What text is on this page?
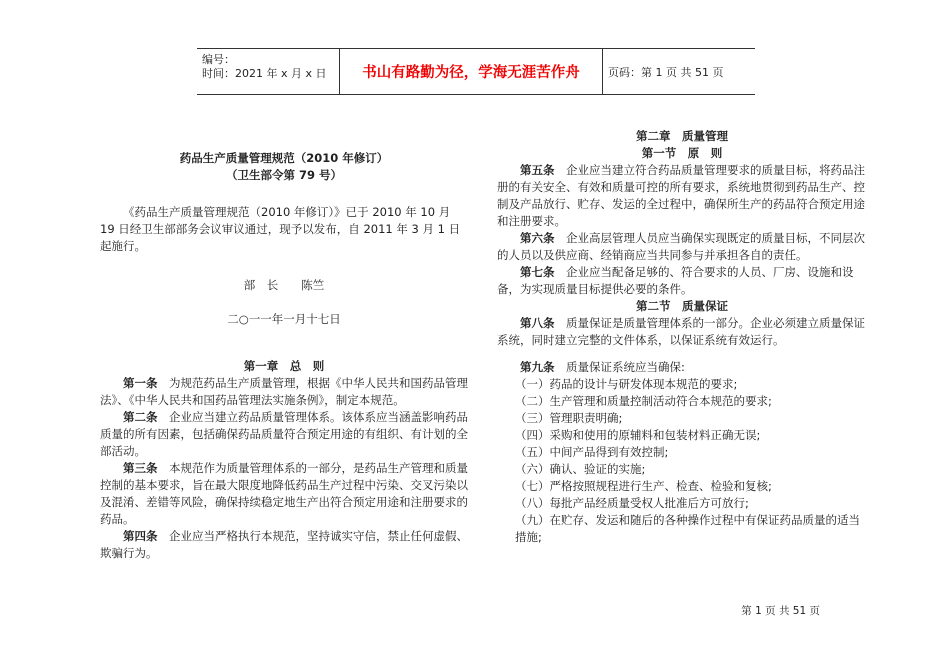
编号：
时间：2021 年 x 月 x 日	书山有路勤为径，学海无涯苦作舟	页码：第 1 页 共 51 页

药品生产质量管理规范（2010 年修订）

（卫生部令第 79 号）

《药品生产质量管理规范（2010 年修订）》已于 2010 年 10 月 19 日经卫生部部务会议审议通过，现予以发布，自 2011 年 3 月 1 日起施行。

部　长　　陈竺

二○一一年一月十七日

第一章　总　则

第一条　为规范药品生产质量管理，根据《中华人民共和国药品管理法》、《中华人民共和国药品管理法实施条例》，制定本规范。

第二条　企业应当建立药品质量管理体系。该体系应当涵盖影响药品质量的所有因素，包括确保药品质量符合预定用途的有组织、有计划的全部活动。

第三条　本规范作为质量管理体系的一部分，是药品生产管理和质量控制的基本要求，旨在最大限度地降低药品生产过程中污染、交叉污染以及混淆、差错等风险，确保持续稳定地生产出符合预定用途和注册要求的药品。

第四条　企业应当严格执行本规范，坚持诚实守信，禁止任何虚假、欺骗行为。

第二章　质量管理

第一节　原　则

第五条　企业应当建立符合药品质量管理要求的质量目标，将药品注册的有关安全、有效和质量可控的所有要求，系统地贯彻到药品生产、控制及产品放行、贮存、发运的全过程中，确保所生产的药品符合预定用途和注册要求。

第六条　企业高层管理人员应当确保实现既定的质量目标，不同层次的人员以及供应商、经销商应当共同参与并承担各自的责任。

第七条　企业应当配备足够的、符合要求的人员、厂房、设施和设备，为实现质量目标提供必要的条件。

第二节　质量保证

第八条　质量保证是质量管理体系的一部分。企业必须建立质量保证系统，同时建立完整的文件体系，以保证系统有效运行。

第九条　质量保证系统应当确保:

（一）药品的设计与研发体现本规范的要求;

（二）生产管理和质量控制活动符合本规范的要求;

（三）管理职责明确;

（四）采购和使用的原辅料和包装材料正确无误;

（五）中间产品得到有效控制;

（六）确认、验证的实施;

（七）严格按照规程进行生产、检查、检验和复核;

（八）每批产品经质量受权人批准后方可放行;

（九）在贮存、发运和随后的各种操作过程中有保证药品质量的适当措施;

第 1 页 共 51 页
